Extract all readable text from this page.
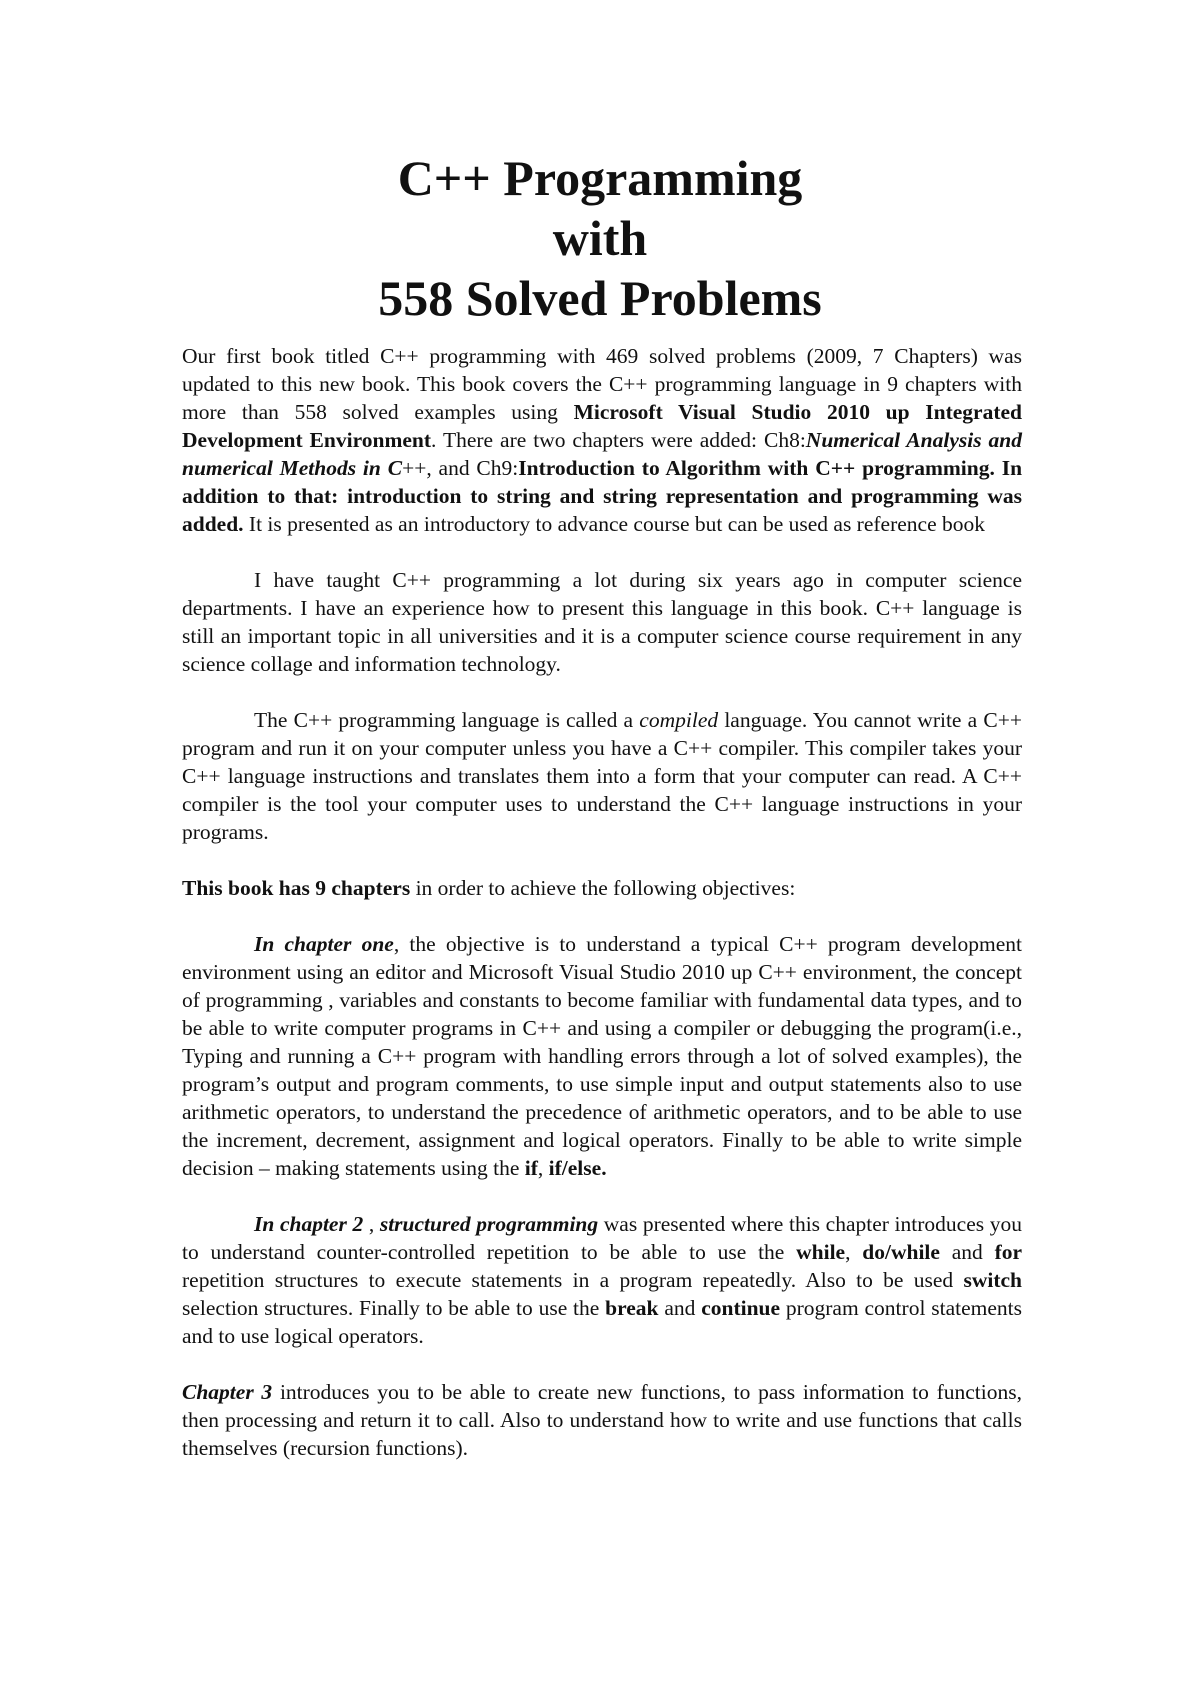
C++ Programming
with
558 Solved Problems

Our first book titled C++ programming with 469 solved problems (2009, 7 Chapters) was updated to this new book. This book covers the C++ programming language in 9 chapters with more than 558 solved examples using Microsoft Visual Studio 2010 up Integrated Development Environment. There are two chapters were added: Ch8:Numerical Analysis and numerical Methods in C++, and Ch9:Introduction to Algorithm with C++ programming. In addition to that: introduction to string and string representation and programming was added. It is presented as an introductory to advance course but can be used as reference book

I have taught C++ programming a lot during six years ago in computer science departments. I have an experience how to present this language in this book. C++ language is still an important topic in all universities and it is a computer science course requirement in any science collage and information technology.

The C++ programming language is called a compiled language. You cannot write a C++ program and run it on your computer unless you have a C++ compiler. This compiler takes your C++ language instructions and translates them into a form that your computer can read. A C++ compiler is the tool your computer uses to understand the C++ language instructions in your programs.

This book has 9 chapters in order to achieve the following objectives:

In chapter one, the objective is to understand a typical C++ program development environment using an editor and Microsoft Visual Studio 2010 up C++ environment, the concept of programming , variables and constants to become familiar with fundamental data types, and to be able to write computer programs in C++ and using a compiler or debugging the program(i.e., Typing and running a C++ program with handling errors through a lot of solved examples), the program’s output and program comments, to use simple input and output statements also to use arithmetic operators, to understand the precedence of arithmetic operators, and to be able to use the increment, decrement, assignment and logical operators. Finally to be able to write simple decision – making statements using the if, if/else.

In chapter 2 , structured programming was presented where this chapter introduces you to understand counter-controlled repetition to be able to use the while, do/while and for repetition structures to execute statements in a program repeatedly. Also to be used switch selection structures. Finally to be able to use the break and continue program control statements and to use logical operators.

Chapter 3 introduces you to be able to create new functions, to pass information to functions, then processing and return it to call. Also to understand how to write and use functions that calls themselves (recursion functions).
